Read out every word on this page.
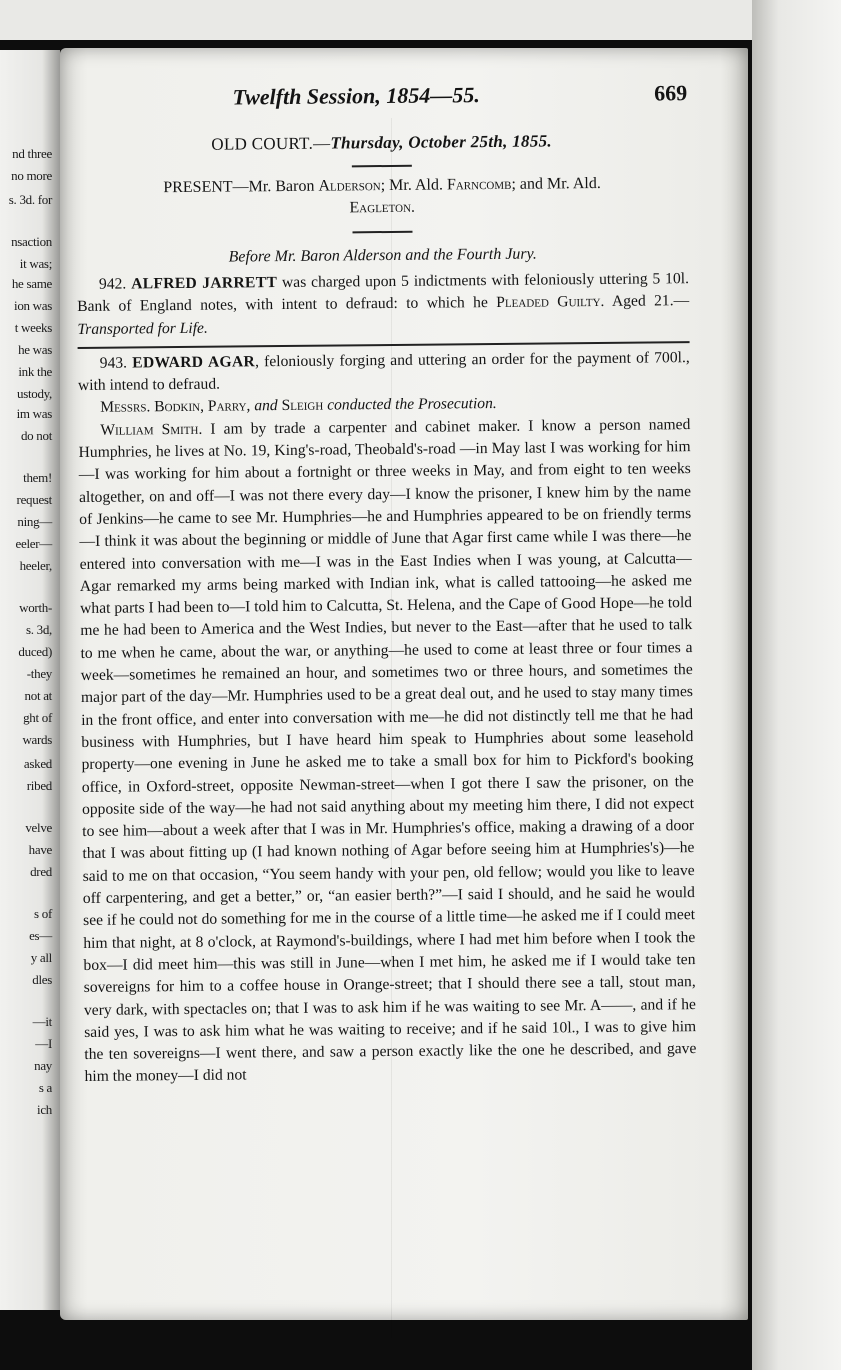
nd three
no more
s. 3d. for
nsaction
it was;
he same
ion was
t weeks
he was
ink the
ustody,
im was
do not
them!
request
ning—
eeler—
heeler,
worth-
s. 3d,
duced)
-they
not at
ght of
wards
asked
ribed
velve
have
dred
s of
es—
y all
dles
—it
—I
nay
s a
ich
Twelfth Session, 1854—55.	669
OLD COURT.—Thursday, October 25th, 1855.
PRESENT—Mr. Baron Alderson; Mr. Ald. Farncomb; and Mr. Ald.
Eagleton.
Before Mr. Baron Alderson and the Fourth Jury.

942. ALFRED JARRETT was charged upon 5 indictments with feloniously uttering 5 10l. Bank of England notes, with intent to defraud: to which he Pleaded Guilty. Aged 21.—Transported for Life.

943. EDWARD AGAR, feloniously forging and uttering an order for the payment of 700l., with intend to defraud.

Messrs. Bodkin, Parry, and Sleigh conducted the Prosecution.

William Smith. I am by trade a carpenter and cabinet maker. I know a person named Humphries, he lives at No. 19, King's-road, Theobald's-road —in May last I was working for him—I was working for him about a fortnight or three weeks in May, and from eight to ten weeks altogether, on and off—I was not there every day—I know the prisoner, I knew him by the name of Jenkins—he came to see Mr. Humphries—he and Humphries appeared to be on friendly terms—I think it was about the beginning or middle of June that Agar first came while I was there—he entered into conversation with me—I was in the East Indies when I was young, at Calcutta—Agar remarked my arms being marked with Indian ink, what is called tattooing—he asked me what parts I had been to—I told him to Calcutta, St. Helena, and the Cape of Good Hope—he told me he had been to America and the West Indies, but never to the East—after that he used to talk to me when he came, about the war, or anything—he used to come at least three or four times a week—sometimes he remained an hour, and sometimes two or three hours, and sometimes the major part of the day—Mr. Humphries used to be a great deal out, and he used to stay many times in the front office, and enter into conversation with me—he did not distinctly tell me that he had business with Humphries, but I have heard him speak to Humphries about some leasehold property—one evening in June he asked me to take a small box for him to Pickford's booking office, in Oxford-street, opposite Newman-street—when I got there I saw the prisoner, on the opposite side of the way—he had not said anything about my meeting him there, I did not expect to see him—about a week after that I was in Mr. Humphries's office, making a drawing of a door that I was about fitting up (I had known nothing of Agar before seeing him at Humphries's)—he said to me on that occasion, “You seem handy with your pen, old fellow; would you like to leave off carpentering, and get a better,” or, “an easier berth?”—I said I should, and he said he would see if he could not do something for me in the course of a little time—he asked me if I could meet him that night, at 8 o'clock, at Raymond's-buildings, where I had met him before when I took the box—I did meet him—this was still in June—when I met him, he asked me if I would take ten sovereigns for him to a coffee house in Orange-street; that I should there see a tall, stout man, very dark, with spectacles on; that I was to ask him if he was waiting to see Mr. A——, and if he said yes, I was to ask him what he was waiting to receive; and if he said 10l., I was to give him the ten sovereigns—I went there, and saw a person exactly like the one he described, and gave him the money—I did not
